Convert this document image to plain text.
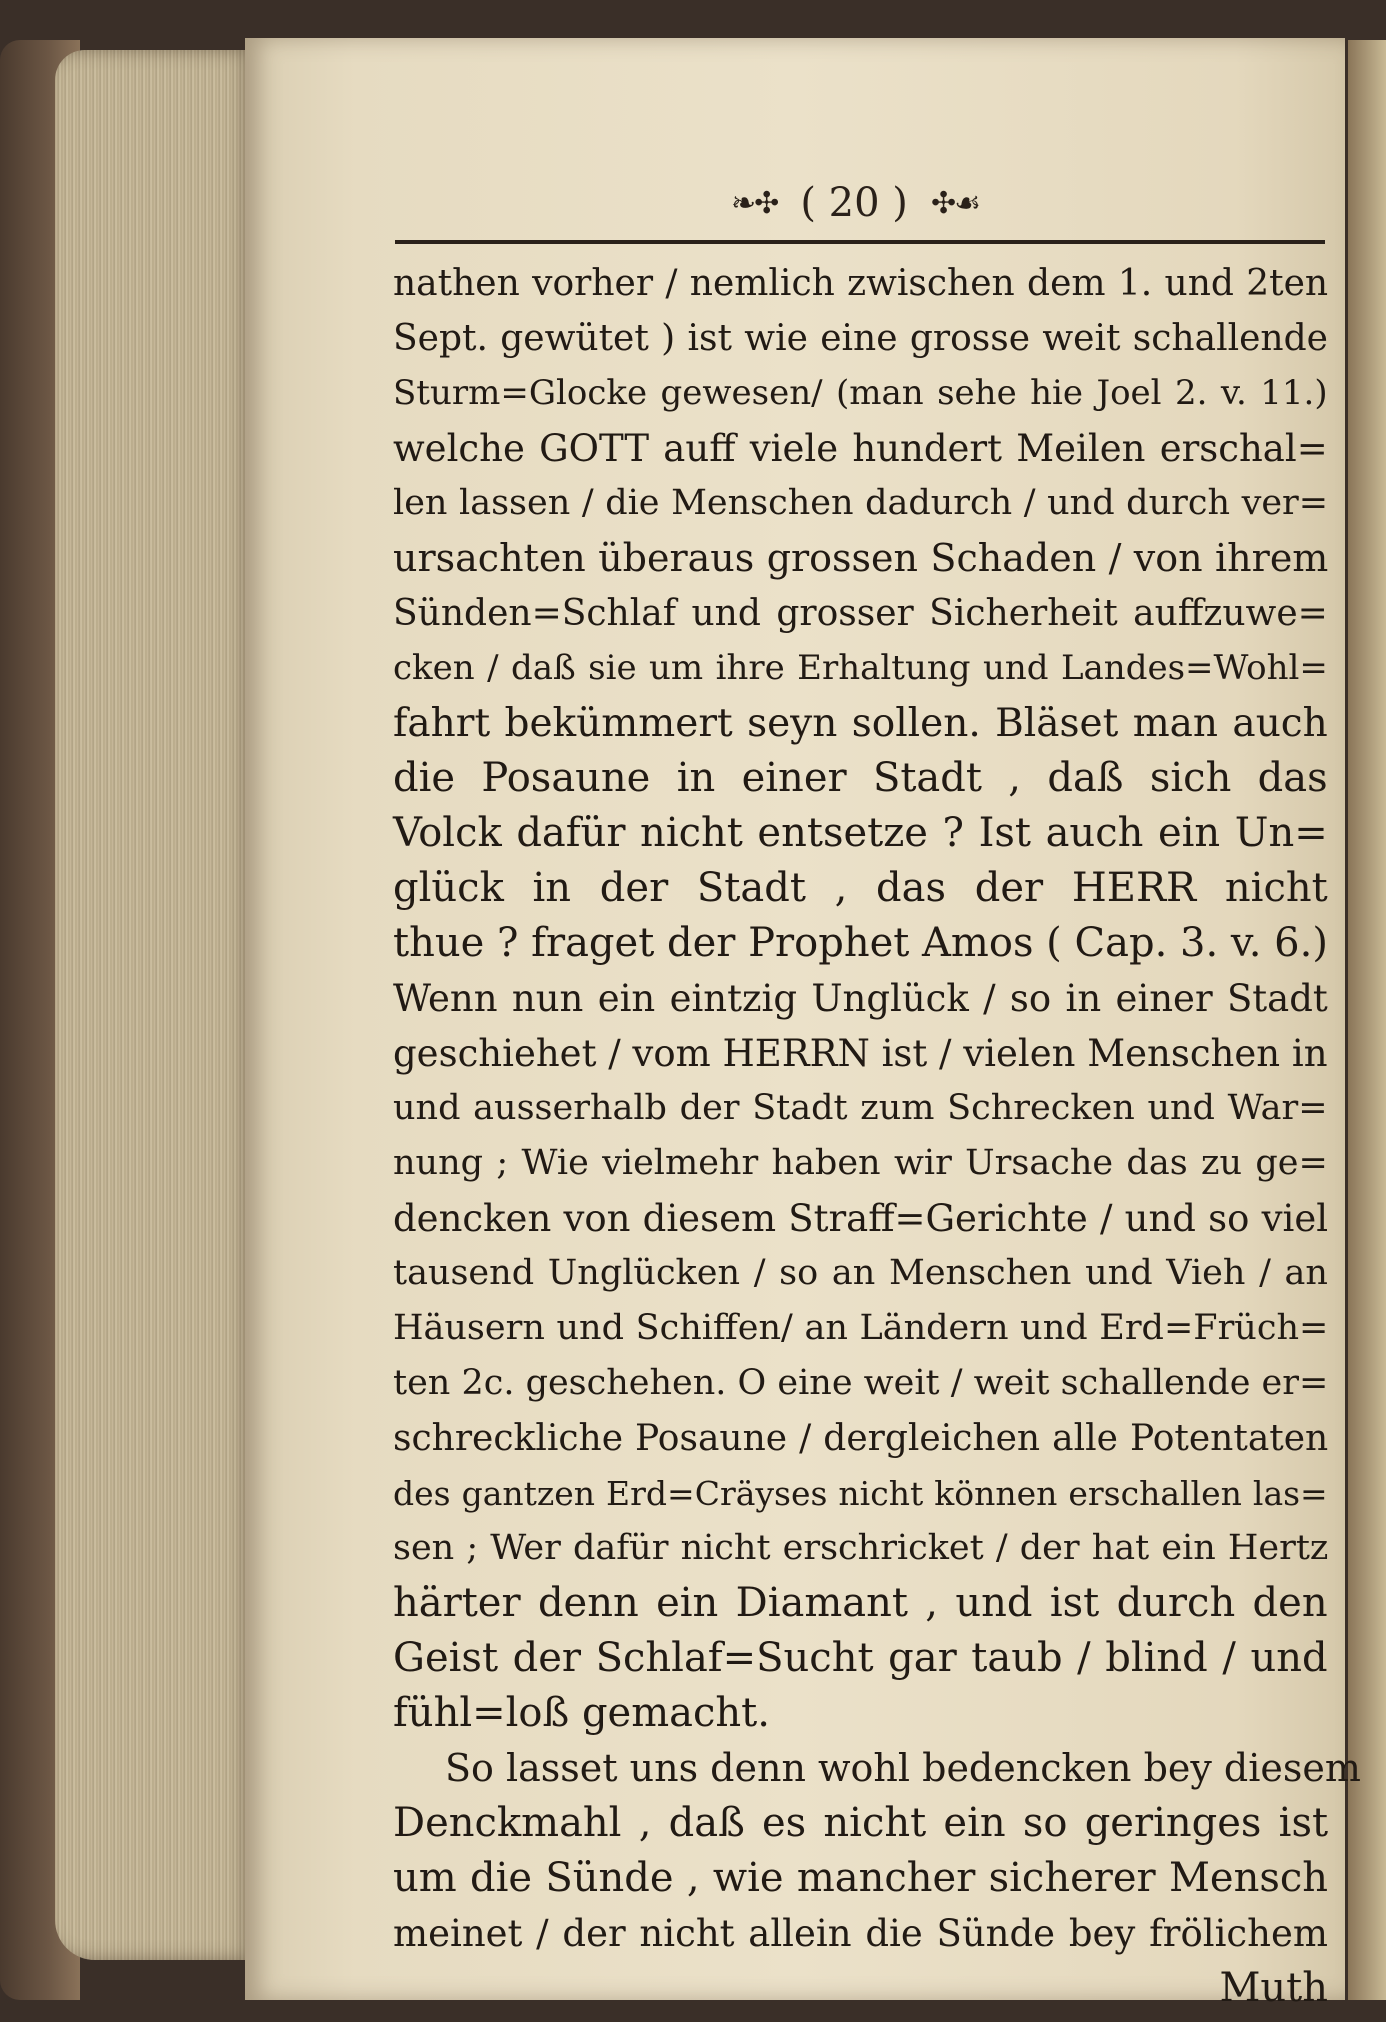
❧✣ ( 20 ) ✣☙
nathen vorher / nemlich zwischen dem 1. und 2ten
Sept. gewütet ) ist wie eine grosse weit schallende
Sturm=Glocke gewesen/ (man sehe hie Joel 2. v. 11.)
welche GOTT auff viele hundert Meilen erschal=
len lassen / die Menschen dadurch / und durch ver=
ursachten überaus grossen Schaden / von ihrem
Sünden=Schlaf und grosser Sicherheit auffzuwe=
cken / daß sie um ihre Erhaltung und Landes=Wohl=
fahrt bekümmert seyn sollen. Bläset man auch
die Posaune in einer Stadt , daß sich das
Volck dafür nicht entsetze ? Ist auch ein Un=
glück in der Stadt , das der HERR nicht
thue ? fraget der Prophet Amos ( Cap. 3. v. 6.)
Wenn nun ein eintzig Unglück / so in einer Stadt
geschiehet / vom HERRN ist / vielen Menschen in
und ausserhalb der Stadt zum Schrecken und War=
nung ; Wie vielmehr haben wir Ursache das zu ge=
dencken von diesem Straff=Gerichte / und so viel
tausend Unglücken / so an Menschen und Vieh / an
Häusern und Schiffen/ an Ländern und Erd=Früch=
ten 2c. geschehen. O eine weit / weit schallende er=
schreckliche Posaune / dergleichen alle Potentaten
des gantzen Erd=Cräyses nicht können erschallen las=
sen ; Wer dafür nicht erschricket / der hat ein Hertz
härter denn ein Diamant , und ist durch den
Geist der Schlaf=Sucht gar taub / blind / und
fühl=loß gemacht.
So lasset uns denn wohl bedencken bey diesem
Denckmahl , daß es nicht ein so geringes ist
um die Sünde , wie mancher sicherer Mensch
meinet / der nicht allein die Sünde bey frölichem
Muth
